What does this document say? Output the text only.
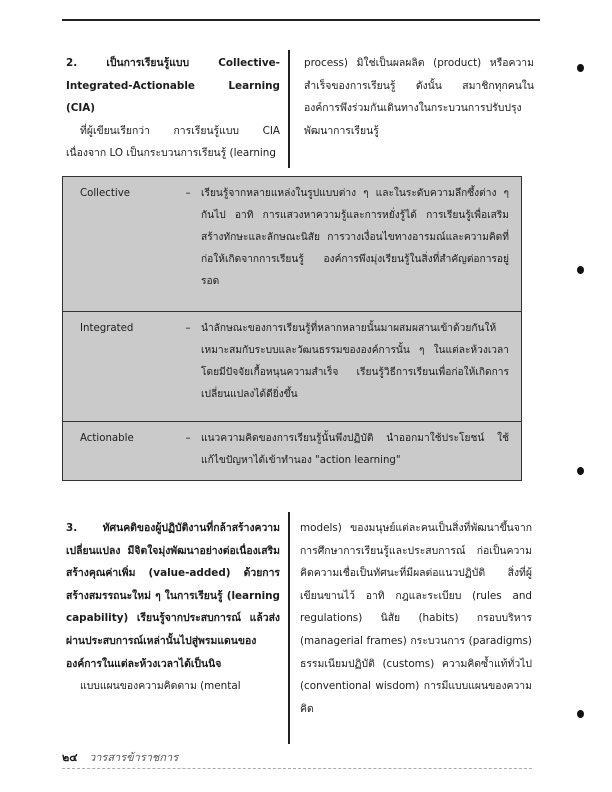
2. เป็นการเรียนรู้แบบ Collective-Integrated-Actionable Learning (CIA)

ที่ผู้เขียนเรียกว่า การเรียนรู้แบบ CIA เนื่องจาก LO เป็นกระบวนการเรียนรู้ (learning

process) มิใช่เป็นผลผลิต (product) หรือความสำเร็จของการเรียนรู้ ดังนั้น สมาชิกทุกคนในองค์การพึงร่วมกันเดินทางในกระบวนการปรับปรุงพัฒนาการเรียนรู้

Collective	–	เรียนรู้จากหลายแหล่งในรูปแบบต่าง ๆ และในระดับความลึกซึ้งต่าง ๆ กันไป อาทิ การแสวงหาความรู้และการหยั่งรู้ได้ การเรียนรู้เพื่อเสริมสร้างทักษะและลักษณะนิสัย การวางเงื่อนไขทางอารมณ์และความคิดที่ก่อให้เกิดจากการเรียนรู้ องค์การพึงมุ่งเรียนรู้ในสิ่งที่สำคัญต่อการอยู่รอด
Integrated	–	นำลักษณะของการเรียนรู้ที่หลากหลายนั้นมาผสมผสานเข้าด้วยกันให้เหมาะสมกับระบบและวัฒนธรรมขององค์การนั้น ๆ ในแต่ละห้วงเวลาโดยมีปัจจัยเกื้อหนุนความสำเร็จ เรียนรู้วิธีการเรียนเพื่อก่อให้เกิดการเปลี่ยนแปลงได้ดียิ่งขึ้น
Actionable	–	แนวความคิดของการเรียนรู้นั้นพึงปฏิบัติ นำออกมาใช้ประโยชน์ ใช้แก้ไขปัญหาได้เข้าทำนอง "action learning"

3. ทัศนคติของผู้ปฏิบัติงานที่กล้าสร้างความเปลี่ยนแปลง มีจิตใจมุ่งพัฒนาอย่างต่อเนื่องเสริมสร้างคุณค่าเพิ่ม (value-added) ด้วยการสร้างสมรรถนะใหม่ ๆ ในการเรียนรู้ (learning capability) เรียนรู้จากประสบการณ์ แล้วส่งผ่านประสบการณ์เหล่านั้นไปสู่พรมแดนขององค์การในแต่ละห้วงเวลาได้เป็นนิจ

แบบแผนของความคิดตาม (mental

models) ของมนุษย์แต่ละคนเป็นสิ่งที่พัฒนาขึ้นจากการศึกษาการเรียนรู้และประสบการณ์ ก่อเป็นความคิดความเชื่อเป็นทัศนะที่มีผลต่อแนวปฏิบัติ สิ่งที่ผู้เขียนขานไว้ อาทิ กฎและระเบียบ (rules and regulations) นิสัย (habits) กรอบบริหาร (managerial frames) กระบวนการ (paradigms) ธรรมเนียมปฏิบัติ (customs) ความคิดซ้ำแท้ทั่วไป (conventional wisdom) การมีแบบแผนของความคิด

๒๔ วารสารข้าราชการ
